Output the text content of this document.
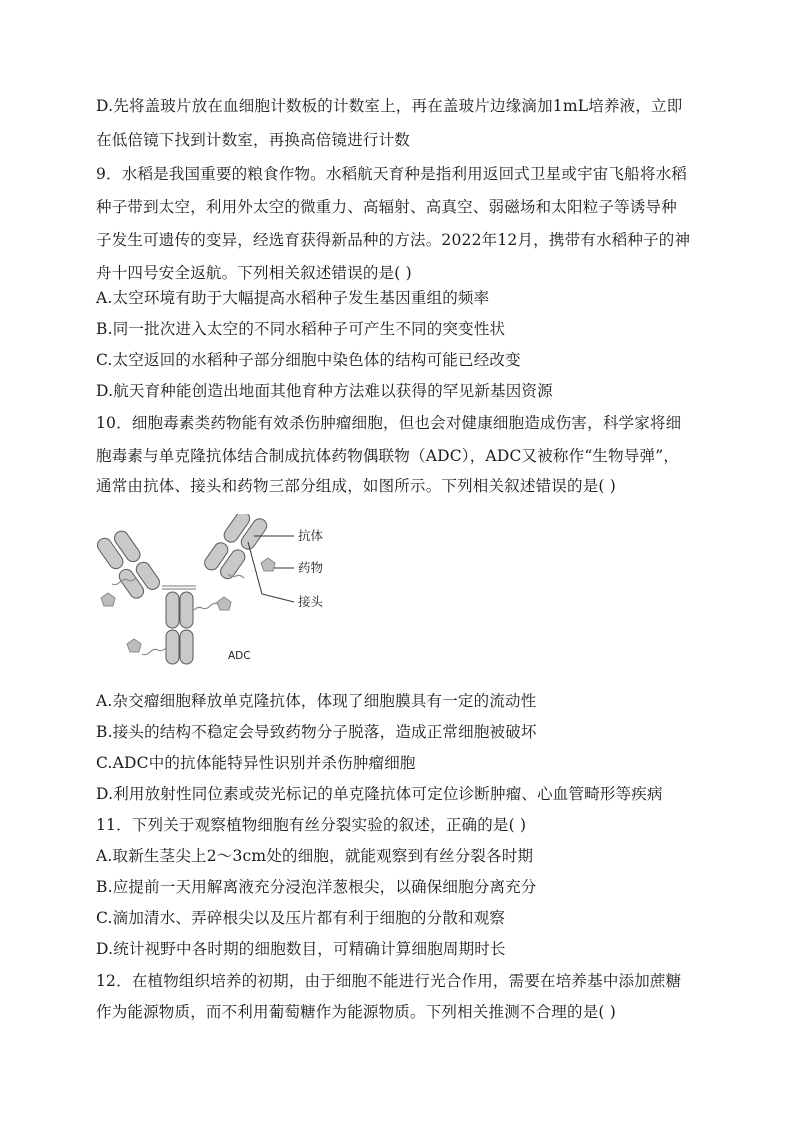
D.先将盖玻片放在血细胞计数板的计数室上，再在盖玻片边缘滴加1mL培养液，立即
在低倍镜下找到计数室，再换高倍镜进行计数
9．水稻是我国重要的粮食作物。水稻航天育种是指利用返回式卫星或宇宙飞船将水稻
种子带到太空，利用外太空的微重力、高辐射、高真空、弱磁场和太阳粒子等诱导种
子发生可遗传的变异，经选育获得新品种的方法。2022年12月，携带有水稻种子的神
舟十四号安全返航。下列相关叙述错误的是( )
A.太空环境有助于大幅提高水稻种子发生基因重组的频率
B.同一批次进入太空的不同水稻种子可产生不同的突变性状
C.太空返回的水稻种子部分细胞中染色体的结构可能已经改变
D.航天育种能创造出地面其他育种方法难以获得的罕见新基因资源
10．细胞毒素类药物能有效杀伤肿瘤细胞，但也会对健康细胞造成伤害，科学家将细
胞毒素与单克隆抗体结合制成抗体药物偶联物（ADC），ADC又被称作“生物导弹”，
通常由抗体、接头和药物三部分组成，如图所示。下列相关叙述错误的是( )
抗体
药物
接头
ADC
A.杂交瘤细胞释放单克隆抗体，体现了细胞膜具有一定的流动性
B.接头的结构不稳定会导致药物分子脱落，造成正常细胞被破坏
C.ADC中的抗体能特异性识别并杀伤肿瘤细胞
D.利用放射性同位素或荧光标记的单克隆抗体可定位诊断肿瘤、心血管畸形等疾病
11．下列关于观察植物细胞有丝分裂实验的叙述，正确的是( )
A.取新生茎尖上2～3cm处的细胞，就能观察到有丝分裂各时期
B.应提前一天用解离液充分浸泡洋葱根尖，以确保细胞分离充分
C.滴加清水、弄碎根尖以及压片都有利于细胞的分散和观察
D.统计视野中各时期的细胞数目，可精确计算细胞周期时长
12．在植物组织培养的初期，由于细胞不能进行光合作用，需要在培养基中添加蔗糖
作为能源物质，而不利用葡萄糖作为能源物质。下列相关推测不合理的是( )
